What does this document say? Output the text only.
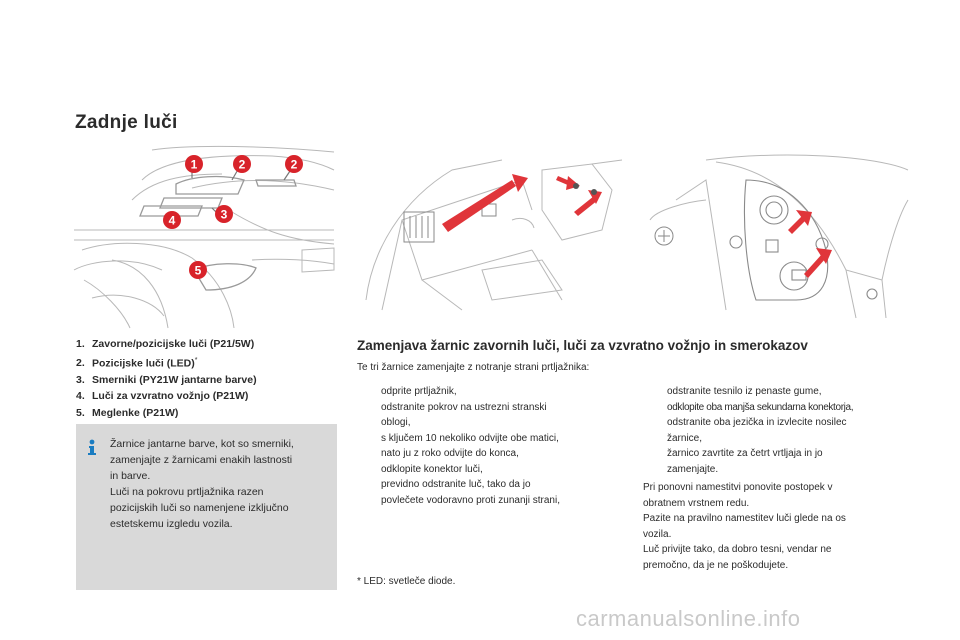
Zadnje luči
1	2	2
3
4
5
1. Zavorne/pozicijske luči (P21/5W)
2. Pozicijske luči (LED)*
3. Smerniki (PY21W jantarne barve)
4. Luči za vzvratno vožnjo (P21W)
5. Meglenke (P21W)
Žarnice jantarne barve, kot so smerniki,
zamenjajte z žarnicami enakih lastnosti
in barve.
Luči na pokrovu prtljažnika razen
pozicijskih luči so namenjene izključno
estetskemu izgledu vozila.
Zamenjava žarnic zavornih luči, luči za vzvratno vožnjo in smerokazov
Te tri žarnice zamenjajte z notranje strani prtljažnika:
odprite prtljažnik,
odstranite pokrov na ustrezni stranski
oblogi,
s ključem 10 nekoliko odvijte obe matici,
nato ju z roko odvijte do konca,
odklopite konektor luči,
previdno odstranite luč, tako da jo
povlečete vodoravno proti zunanji strani,
odstranite tesnilo iz penaste gume,
odklopite oba manjša sekundarna konektorja,
odstranite oba jezička in izvlecite nosilec
žarnice,
žarnico zavrtite za četrt vrtljaja in jo
zamenjajte.

Pri ponovni namestitvi ponovite postopek v

obratnem vrstnem redu.

Pazite na pravilno namestitev luči glede na os

vozila.

Luč privijte tako, da dobro tesni, vendar ne

premočno, da je ne poškodujete.

* LED: svetleče diode.
carmanualsonline.info
